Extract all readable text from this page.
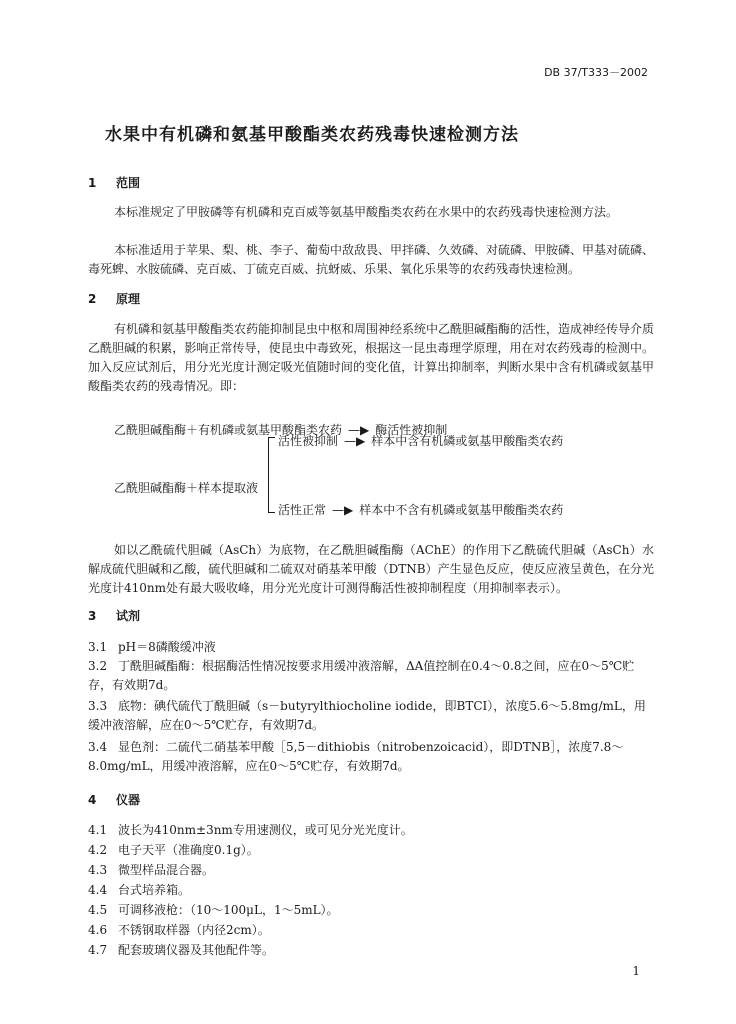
DB 37/T333－2002
水果中有机磷和氨基甲酸酯类农药残毒快速检测方法
1 范围
本标准规定了甲胺磷等有机磷和克百威等氨基甲酸酯类农药在水果中的农药残毒快速检测方法。
本标准适用于苹果、梨、桃、李子、葡萄中敌敌畏、甲拌磷、久效磷、对硫磷、甲胺磷、甲基对硫磷、毒死蜱、水胺硫磷、克百威、丁硫克百威、抗蚜威、乐果、氧化乐果等的农药残毒快速检测。
2 原理
有机磷和氨基甲酸酯类农药能抑制昆虫中枢和周围神经系统中乙酰胆碱酯酶的活性，造成神经传导介质乙酰胆碱的积累，影响正常传导，使昆虫中毒致死，根据这一昆虫毒理学原理，用在对农药残毒的检测中。加入反应试剂后，用分光光度计测定吸光值随时间的变化值，计算出抑制率，判断水果中含有机磷或氨基甲酸酯类农药的残毒情况。即：
乙酰胆碱酯酶＋有机磷或氨基甲酸酯类农药 —▶ 酶活性被抑制
乙酰胆碱酯酶＋样本提取液
活性被抑制 —▶ 样本中含有机磷或氨基甲酸酯类农药
活性正常 —▶ 样本中不含有机磷或氨基甲酸酯类农药
如以乙酰硫代胆碱（AsCh）为底物，在乙酰胆碱酯酶（AChE）的作用下乙酰硫代胆碱（AsCh）水解成硫代胆碱和乙酸，硫代胆碱和二硫双对硝基苯甲酸（DTNB）产生显色反应，使反应液呈黄色，在分光光度计410nm处有最大吸收峰，用分光光度计可测得酶活性被抑制程度（用抑制率表示）。
3 试剂
3.1 pH＝8磷酸缓冲液
3.2 丁酰胆碱酯酶：根据酶活性情况按要求用缓冲液溶解，ΔA值控制在0.4～0.8之间，应在0～5℃贮存，有效期7d。
3.3 底物：碘代硫代丁酰胆碱（s－butyrylthiocholine iodide，即BTCI），浓度5.6～5.8mg/mL，用缓冲液溶解，应在0～5℃贮存，有效期7d。
3.4 显色剂：二硫代二硝基苯甲酸［5,5－dithiobis（nitrobenzoicacid），即DTNB］，浓度7.8～8.0mg/mL，用缓冲液溶解，应在0～5℃贮存，有效期7d。
4 仪器
4.1 波长为410nm±3nm专用速测仪，或可见分光光度计。
4.2 电子天平（准确度0.1g）。
4.3 微型样品混合器。
4.4 台式培养箱。
4.5 可调移液枪：（10～100μL，1～5mL）。
4.6 不锈钢取样器（内径2cm）。
4.7 配套玻璃仪器及其他配件等。
1
